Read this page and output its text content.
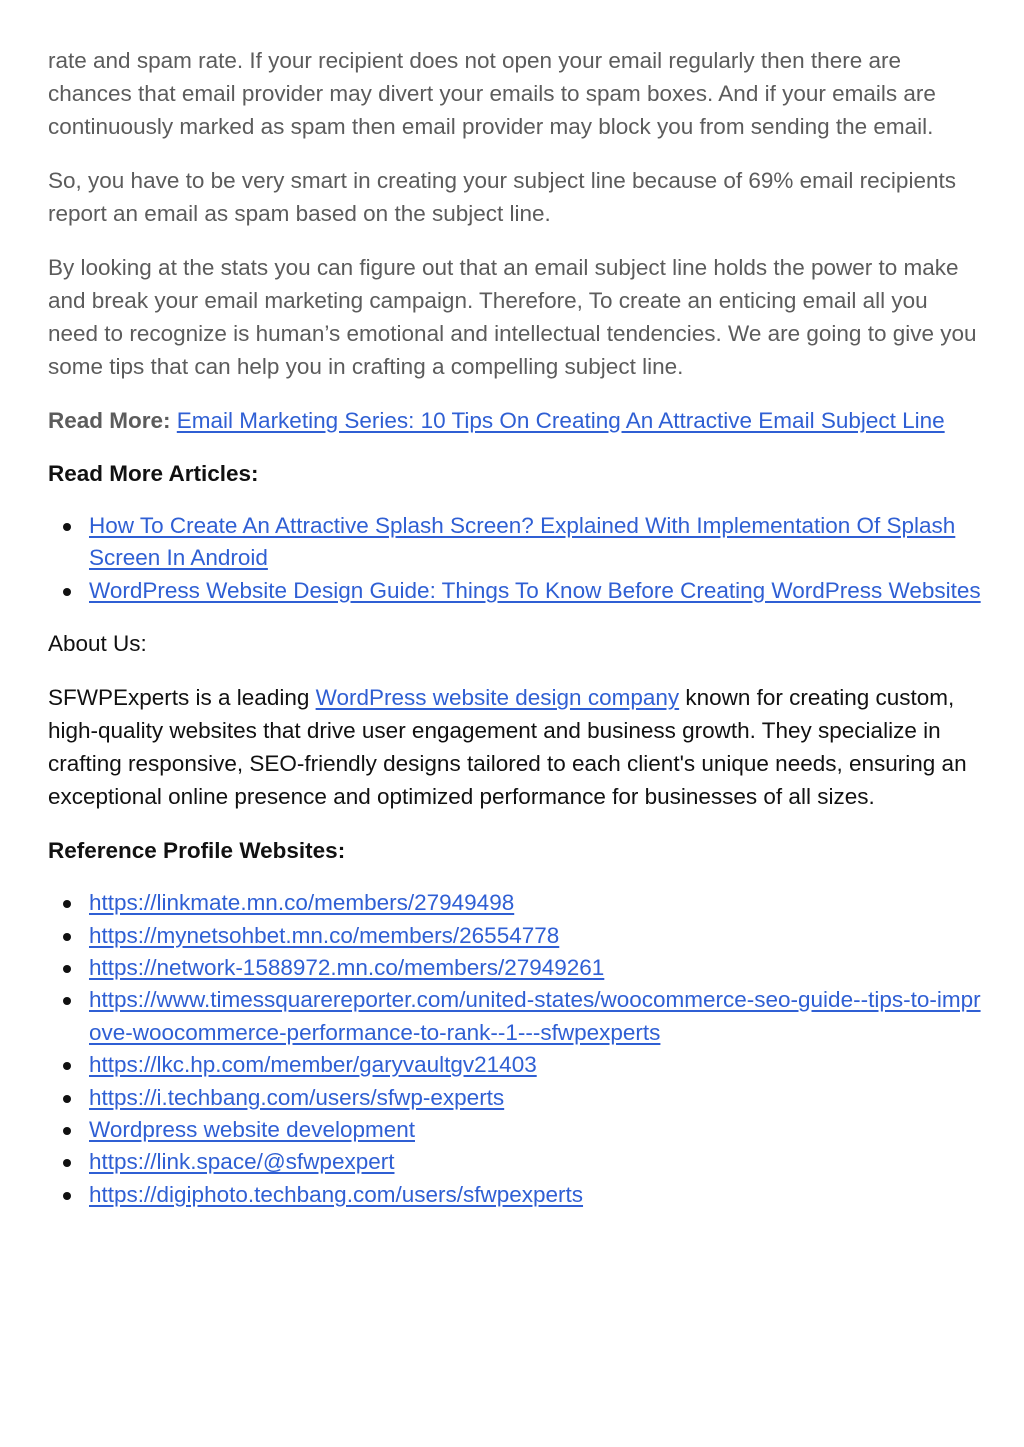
rate and spam rate. If your recipient does not open your email regularly then there are chances that email provider may divert your emails to spam boxes. And if your emails are continuously marked as spam then email provider may block you from sending the email.

So, you have to be very smart in creating your subject line because of 69% email recipients report an email as spam based on the subject line.

By looking at the stats you can figure out that an email subject line holds the power to make and break your email marketing campaign. Therefore, To create an enticing email all you need to recognize is human’s emotional and intellectual tendencies. We are going to give you some tips that can help you in crafting a compelling subject line.

Read More: Email Marketing Series: 10 Tips On Creating An Attractive Email Subject Line

Read More Articles:
How To Create An Attractive Splash Screen? Explained With Implementation Of Splash Screen In Android
WordPress Website Design Guide: Things To Know Before Creating WordPress Websites

About Us:

SFWPExperts is a leading WordPress website design company known for creating custom, high-quality websites that drive user engagement and business growth. They specialize in crafting responsive, SEO-friendly designs tailored to each client's unique needs, ensuring an exceptional online presence and optimized performance for businesses of all sizes.

Reference Profile Websites:
https://linkmate.mn.co/members/27949498
https://mynetsohbet.mn.co/members/26554778
https://network-1588972.mn.co/members/27949261
https://www.timessquarereporter.com/united-states/woocommerce-seo-guide--tips-to-improve-woocommerce-performance-to-rank--1---sfwpexperts
https://lkc.hp.com/member/garyvaultgv21403
https://i.techbang.com/users/sfwp-experts
Wordpress website development
https://link.space/@sfwpexpert
https://digiphoto.techbang.com/users/sfwpexperts
